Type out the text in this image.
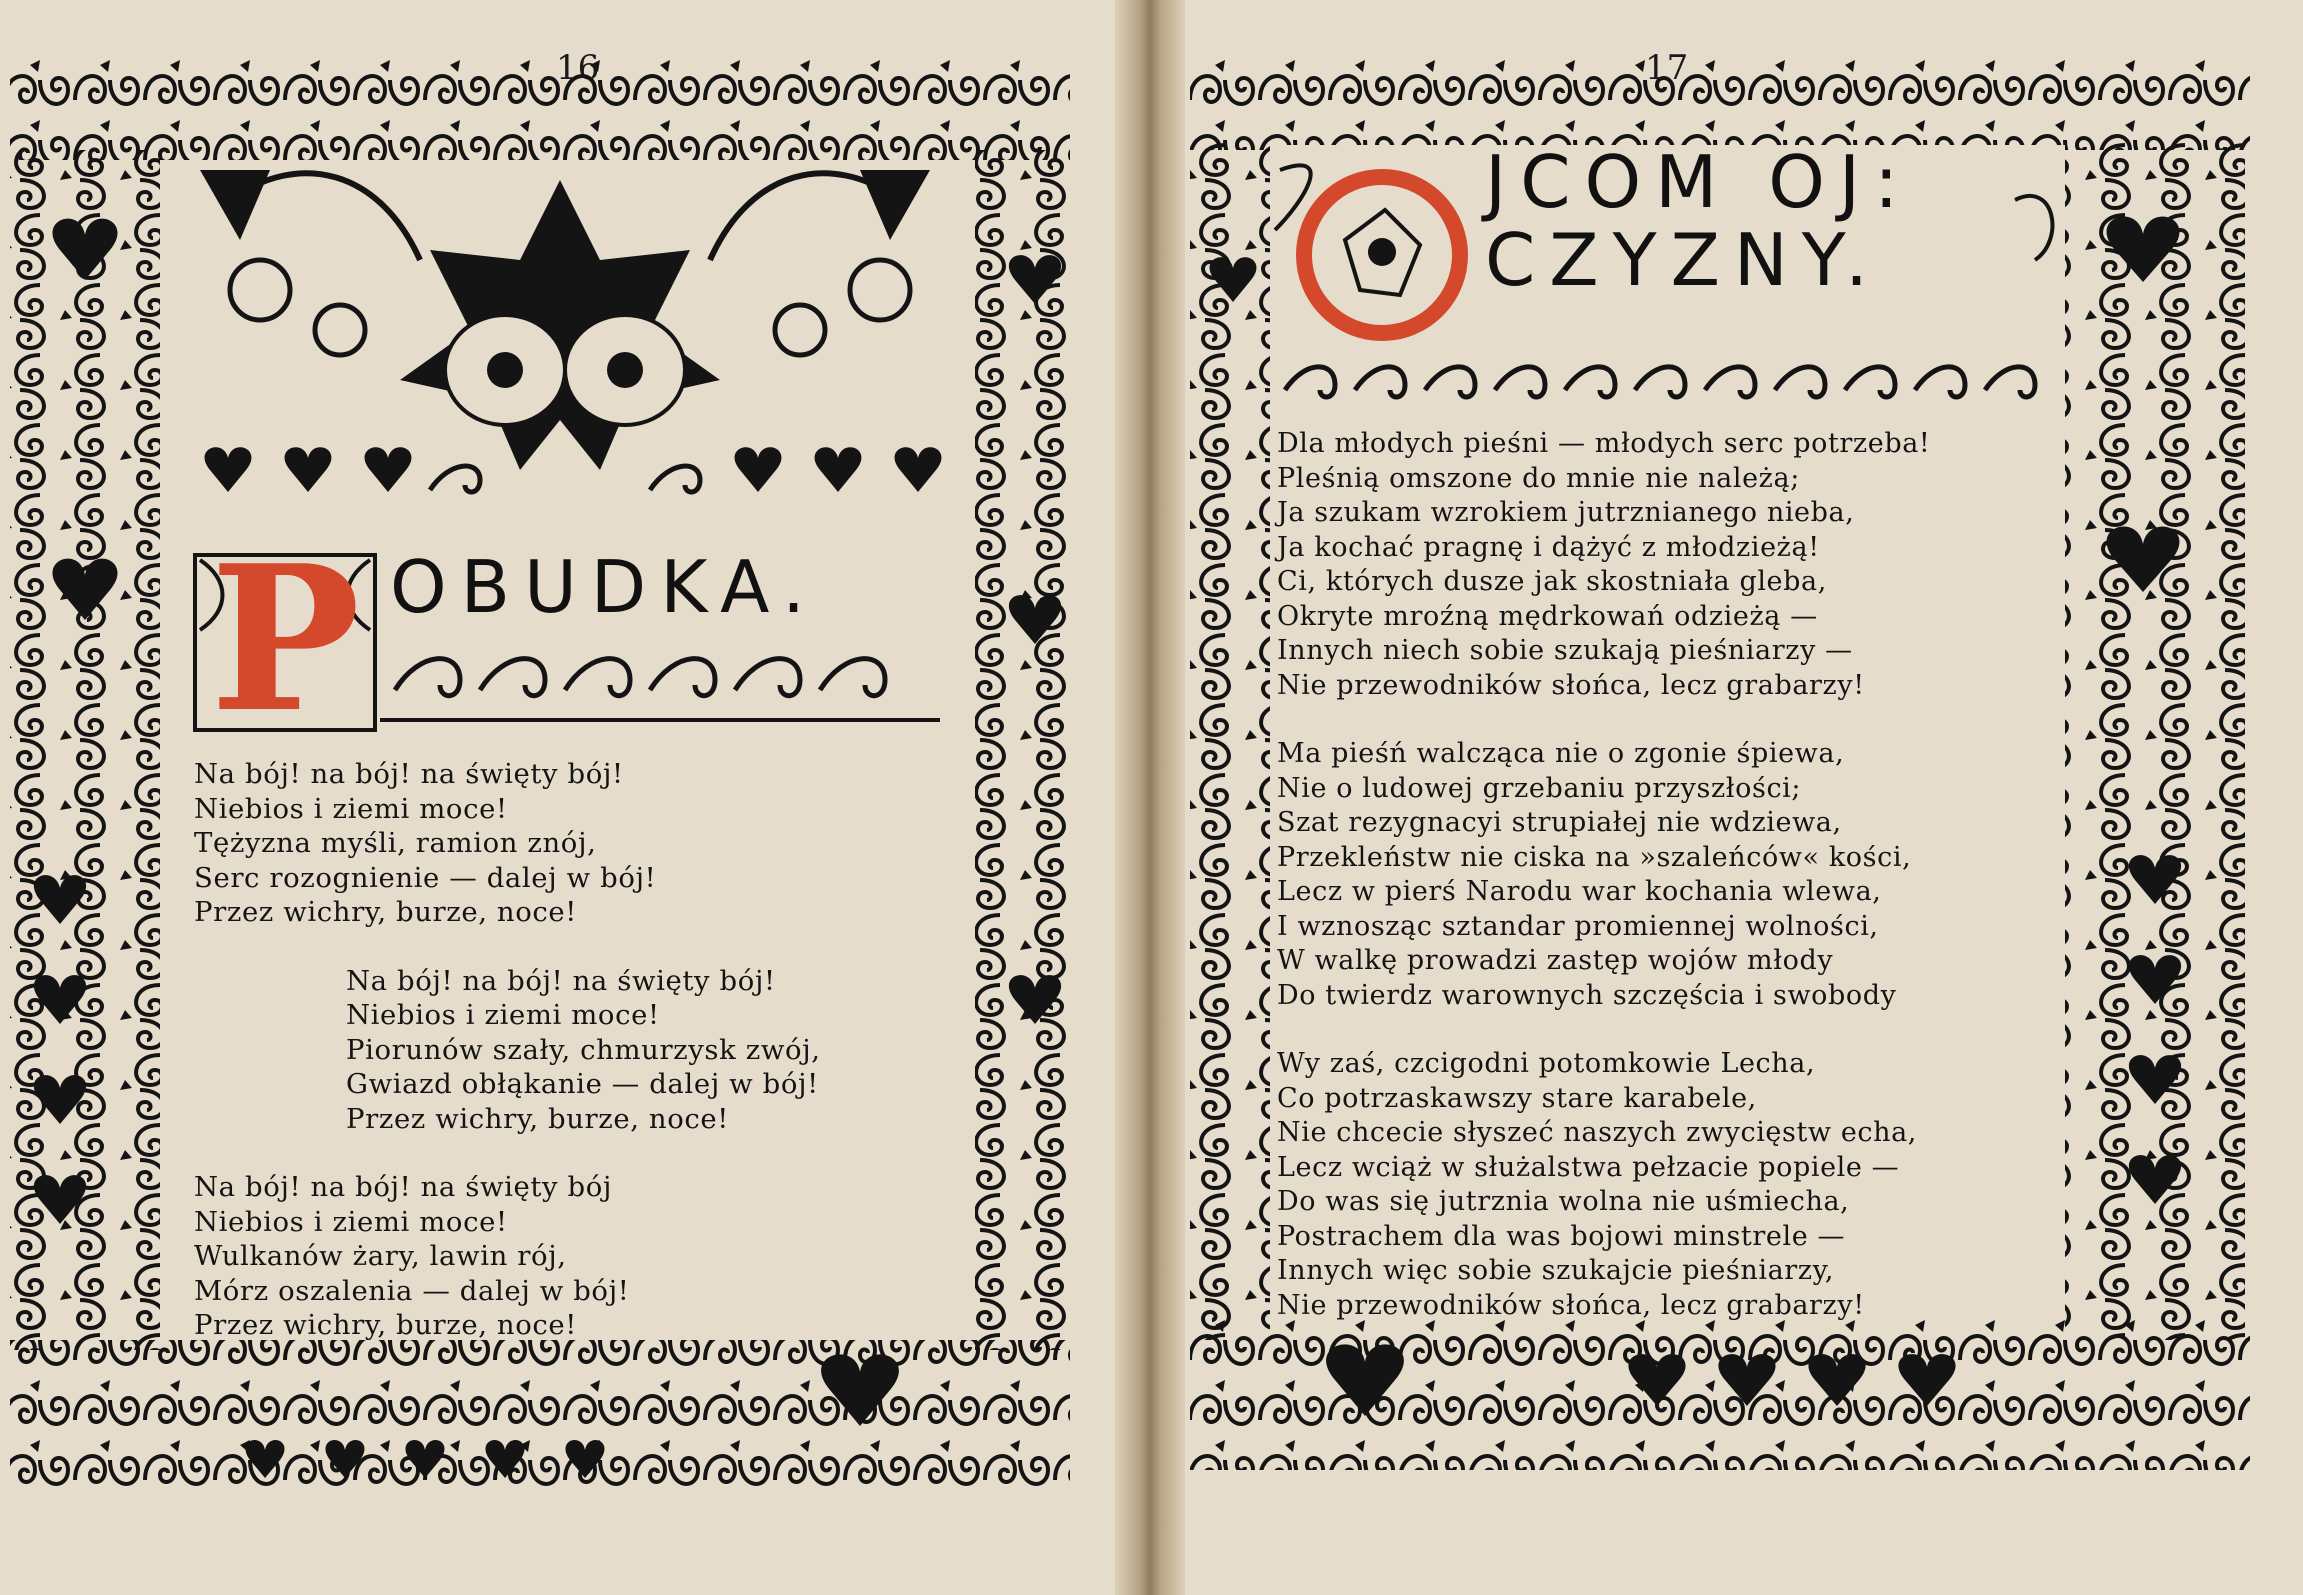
P OBUDKA.
Na bój! na bój! na święty bój!
Niebios i ziemi moce!
Tężyzna myśli, ramion znój,
Serc rozognienie — dalej w bój!
Przez wichry, burze, noce!
Na bój! na bój! na święty bój!
Niebios i ziemi moce!
Piorunów szały, chmurzysk zwój,
Gwiazd obłąkanie — dalej w bój!
Przez wichry, burze, noce!
Na bój! na bój! na święty bój
Niebios i ziemi moce!
Wulkanów żary, lawin rój,
Mórz oszalenia — dalej w bój!
Przez wichry, burze, noce!
JCOM OJ:
CZYZNY.
Dla młodych pieśni — młodych serc potrzeba!
Pleśnią omszone do mnie nie należą;
Ja szukam wzrokiem jutrznianego nieba,
Ja kochać pragnę i dążyć z młodzieżą!
Ci, których dusze jak skostniała gleba,
Okryte mroźną mędrkowań odzieżą —
Innych niech sobie szukają pieśniarzy —
Nie przewodników słońca, lecz grabarzy!
Ma pieśń walcząca nie o zgonie śpiewa,
Nie o ludowej grzebaniu przyszłości;
Szat rezygnacyi strupiałej nie wdziewa,
Przekleństw nie ciska na »szaleńców« kości,
Lecz w pierś Narodu war kochania wlewa,
I wznosząc sztandar promiennej wolności,
W walkę prowadzi zastęp wojów młody
Do twierdz warownych szczęścia i swobody
Wy zaś, czcigodni potomkowie Lecha,
Co potrzaskawszy stare karabele,
Nie chcecie słyszeć naszych zwycięstw echa,
Lecz wciąż w służalstwa pełzacie popiele —
Do was się jutrznia wolna nie uśmiecha,
Postrachem dla was bojowi minstrele —
Innych więc sobie szukajcie pieśniarzy,
Nie przewodników słońca, lecz grabarzy!
